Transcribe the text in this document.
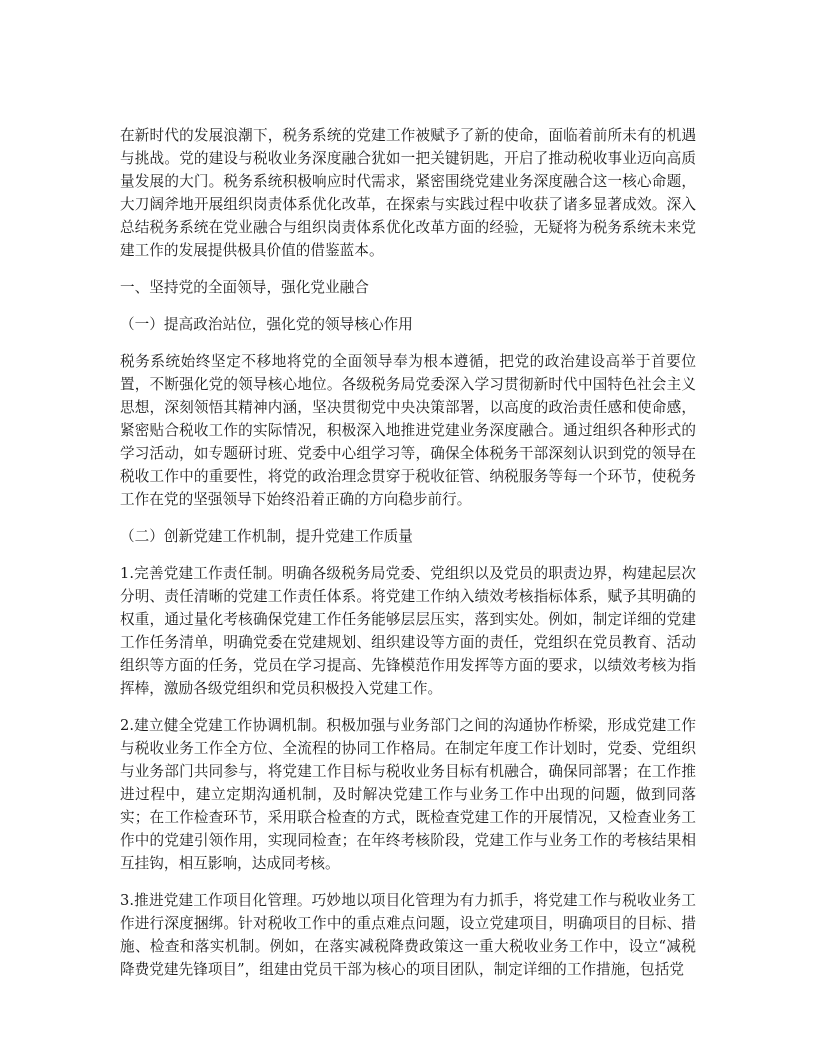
在新时代的发展浪潮下，税务系统的党建工作被赋予了新的使命，面临着前所未有的机遇与挑战。党的建设与税收业务深度融合犹如一把关键钥匙，开启了推动税收事业迈向高质量发展的大门。税务系统积极响应时代需求，紧密围绕党建业务深度融合这一核心命题，大刀阔斧地开展组织岗责体系优化改革，在探索与实践过程中收获了诸多显著成效。深入总结税务系统在党业融合与组织岗责体系优化改革方面的经验，无疑将为税务系统未来党建工作的发展提供极具价值的借鉴蓝本。

一、坚持党的全面领导，强化党业融合

（一）提高政治站位，强化党的领导核心作用

税务系统始终坚定不移地将党的全面领导奉为根本遵循，把党的政治建设高举于首要位置，不断强化党的领导核心地位。各级税务局党委深入学习贯彻新时代中国特色社会主义思想，深刻领悟其精神内涵，坚决贯彻党中央决策部署，以高度的政治责任感和使命感，紧密贴合税收工作的实际情况，积极深入地推进党建业务深度融合。通过组织各种形式的学习活动，如专题研讨班、党委中心组学习等，确保全体税务干部深刻认识到党的领导在税收工作中的重要性，将党的政治理念贯穿于税收征管、纳税服务等每一个环节，使税务工作在党的坚强领导下始终沿着正确的方向稳步前行。

（二）创新党建工作机制，提升党建工作质量

1.完善党建工作责任制。明确各级税务局党委、党组织以及党员的职责边界，构建起层次分明、责任清晰的党建工作责任体系。将党建工作纳入绩效考核指标体系，赋予其明确的权重，通过量化考核确保党建工作任务能够层层压实，落到实处。例如，制定详细的党建工作任务清单，明确党委在党建规划、组织建设等方面的责任，党组织在党员教育、活动组织等方面的任务，党员在学习提高、先锋模范作用发挥等方面的要求，以绩效考核为指挥棒，激励各级党组织和党员积极投入党建工作。

2.建立健全党建工作协调机制。积极加强与业务部门之间的沟通协作桥梁，形成党建工作与税收业务工作全方位、全流程的协同工作格局。在制定年度工作计划时，党委、党组织与业务部门共同参与，将党建工作目标与税收业务目标有机融合，确保同部署；在工作推进过程中，建立定期沟通机制，及时解决党建工作与业务工作中出现的问题，做到同落实；在工作检查环节，采用联合检查的方式，既检查党建工作的开展情况，又检查业务工作中的党建引领作用，实现同检查；在年终考核阶段，党建工作与业务工作的考核结果相互挂钩，相互影响，达成同考核。

3.推进党建工作项目化管理。巧妙地以项目化管理为有力抓手，将党建工作与税收业务工作进行深度捆绑。针对税收工作中的重点难点问题，设立党建项目，明确项目的目标、措施、检查和落实机制。例如，在落实减税降费政策这一重大税收业务工作中，设立“减税降费党建先锋项目”，组建由党员干部为核心的项目团队，制定详细的工作措施，包括党
